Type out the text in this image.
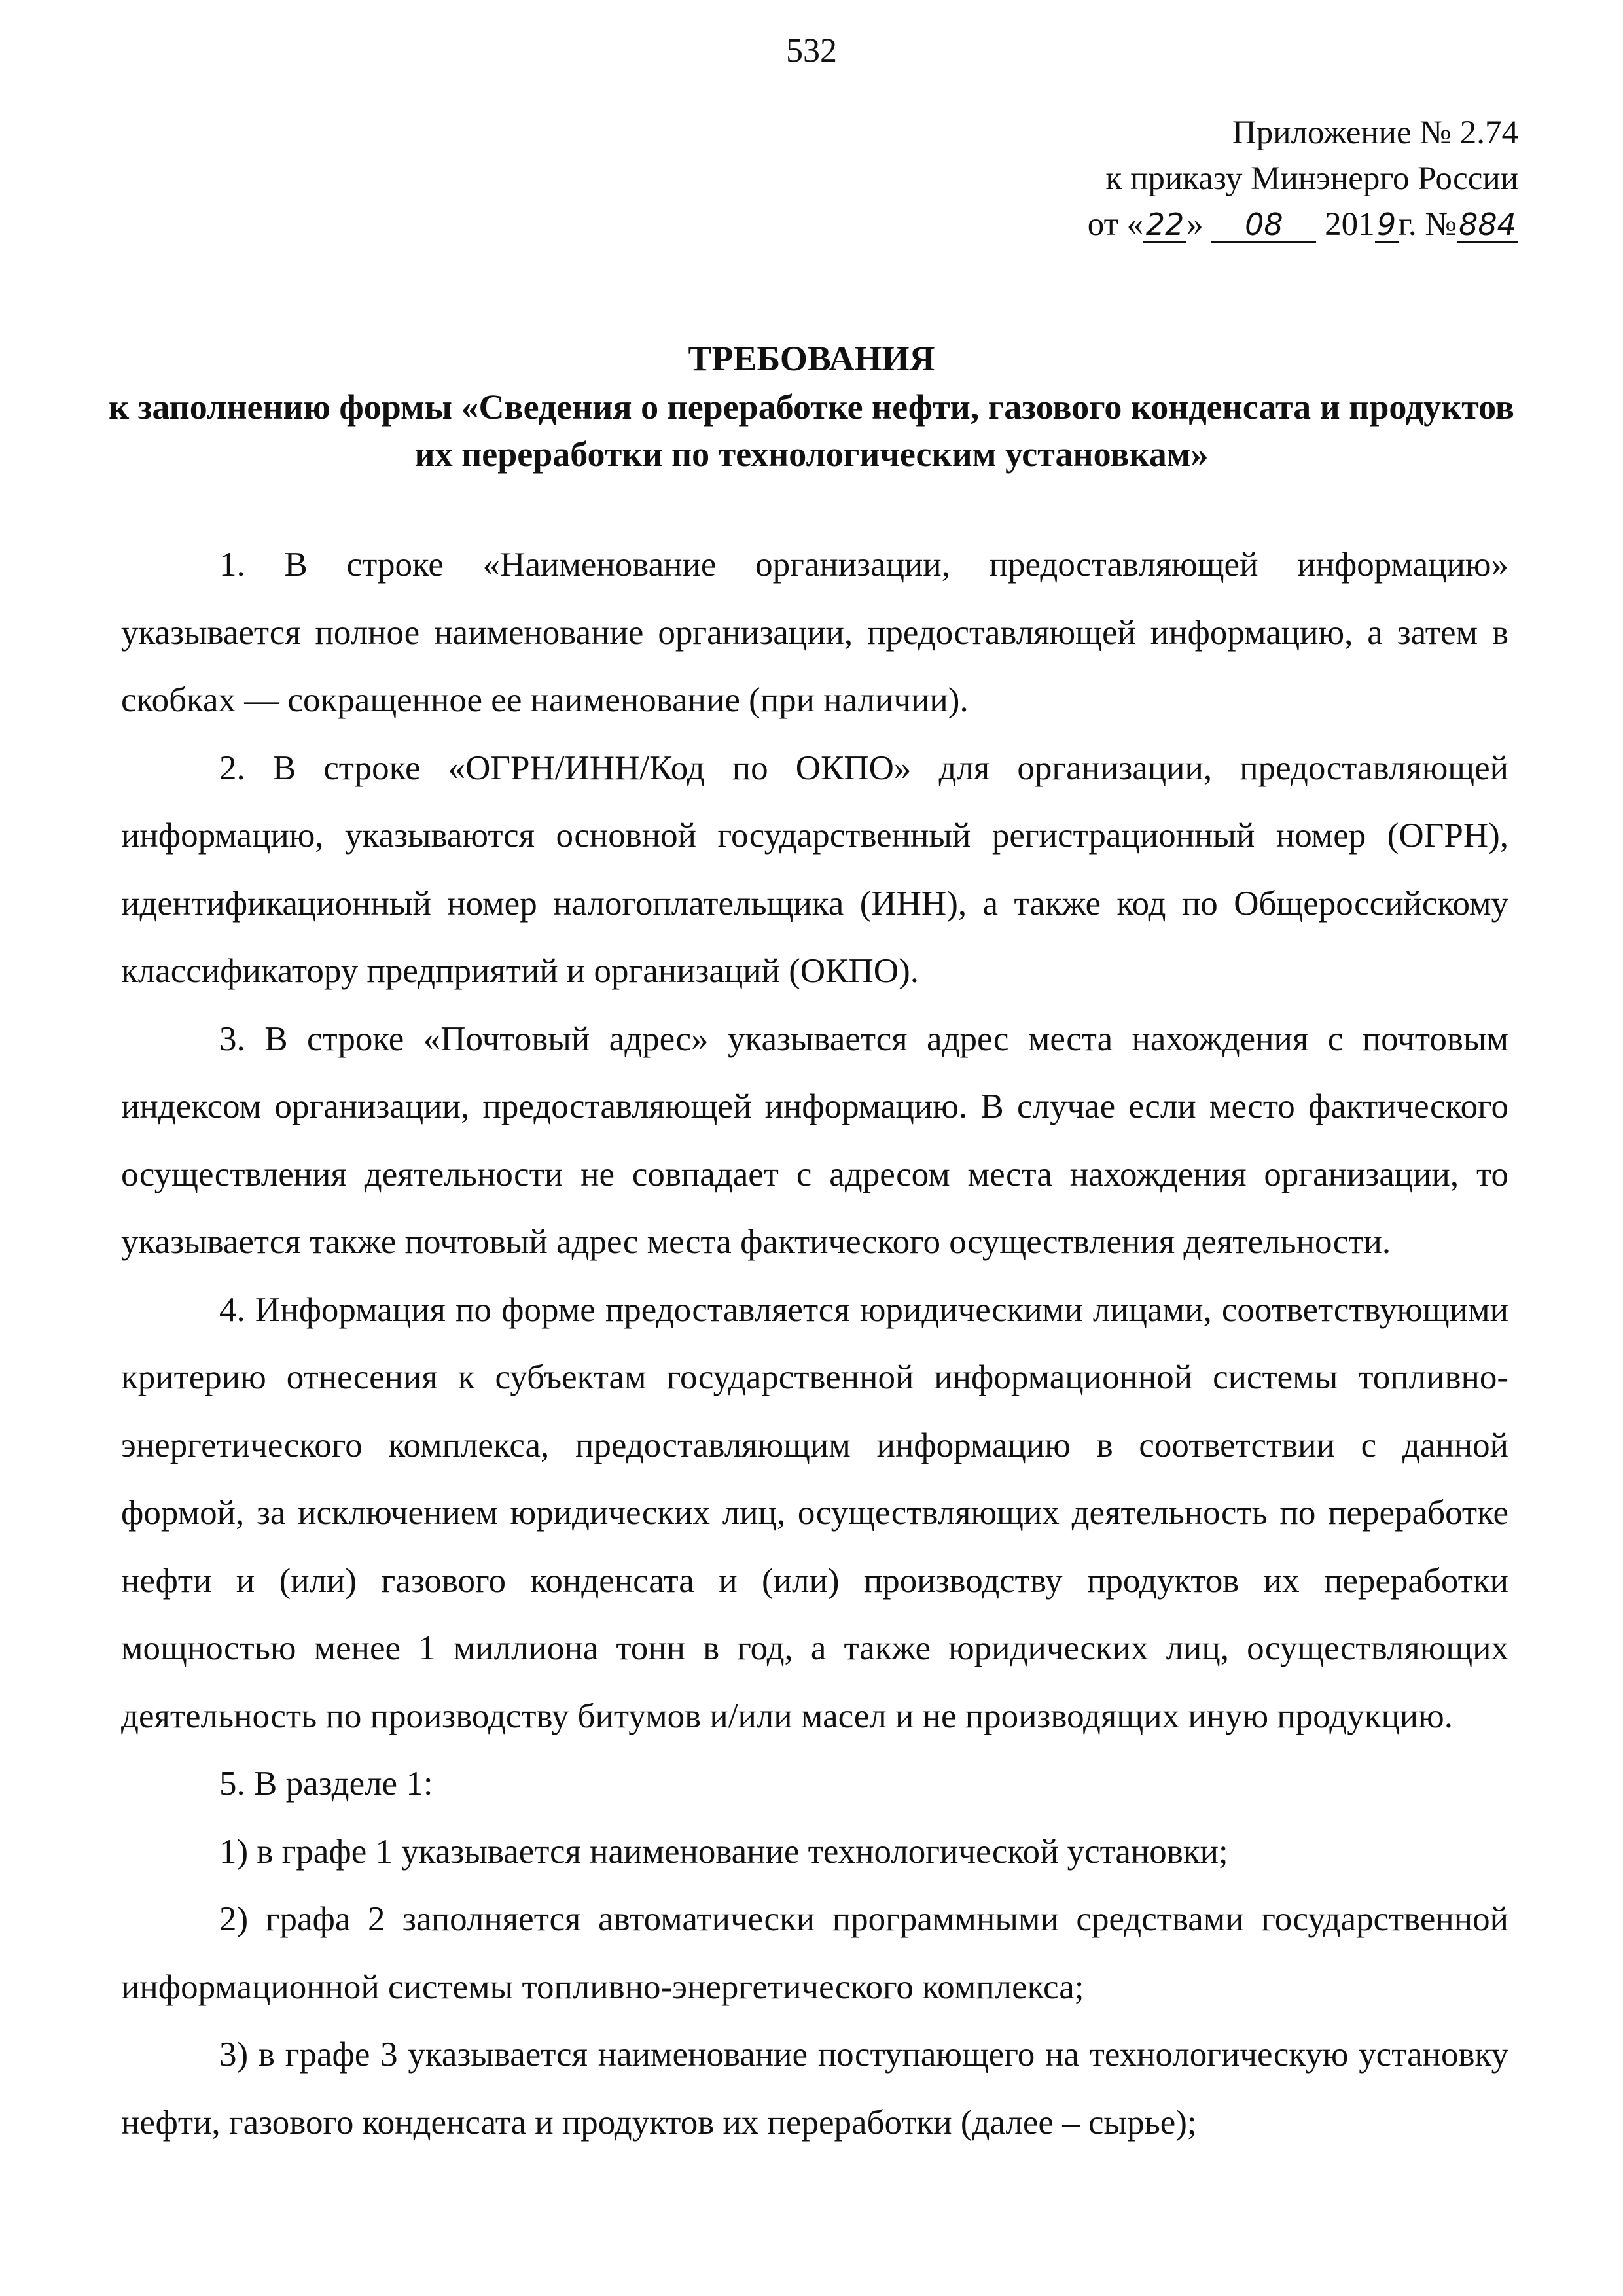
532
Приложение № 2.74
к приказу Минэнерго России
от «22» 08 2019г. №884
ТРЕБОВАНИЯ
к заполнению формы «Сведения о переработке нефти, газового конденсата и продуктов их переработки по технологическим установкам»

1. В строке «Наименование организации, предоставляющей информацию» указывается полное наименование организации, предоставляющей информацию, а затем в скобках — сокращенное ее наименование (при наличии).

2. В строке «ОГРН/ИНН/Код по ОКПО» для организации, предоставляющей информацию, указываются основной государственный регистрационный номер (ОГРН), идентификационный номер налогоплательщика (ИНН), а также код по Общероссийскому классификатору предприятий и организаций (ОКПО).

3. В строке «Почтовый адрес» указывается адрес места нахождения с почтовым индексом организации, предоставляющей информацию. В случае если место фактического осуществления деятельности не совпадает с адресом места нахождения организации, то указывается также почтовый адрес места фактического осуществления деятельности.

4. Информация по форме предоставляется юридическими лицами, соответствующими критерию отнесения к субъектам государственной информационной системы топливно-энергетического комплекса, предоставляющим информацию в соответствии с данной формой, за исключением юридических лиц, осуществляющих деятельность по переработке нефти и (или) газового конденсата и (или) производству продуктов их переработки мощностью менее 1 миллиона тонн в год, а также юридических лиц, осуществляющих деятельность по производству битумов и/или масел и не производящих иную продукцию.

5. В разделе 1:

1) в графе 1 указывается наименование технологической установки;

2) графа 2 заполняется автоматически программными средствами государственной информационной системы топливно-энергетического комплекса;

3) в графе 3 указывается наименование поступающего на технологическую установку нефти, газового конденсата и продуктов их переработки (далее – сырье);
